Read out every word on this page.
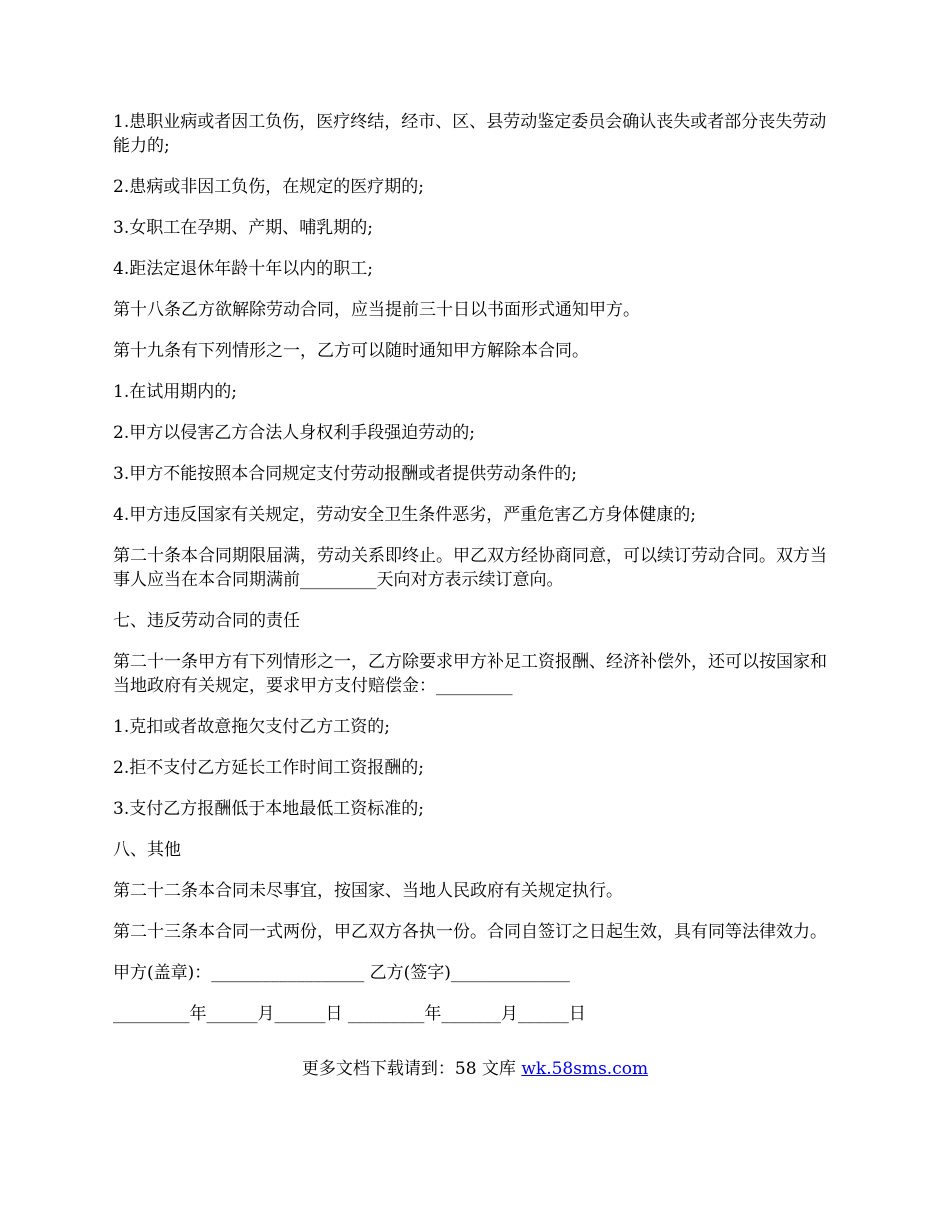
1.患职业病或者因工负伤，医疗终结，经市、区、县劳动鉴定委员会确认丧失或者部分丧失劳动能力的;

2.患病或非因工负伤，在规定的医疗期的;

3.女职工在孕期、产期、哺乳期的;

4.距法定退休年龄十年以内的职工;

第十八条乙方欲解除劳动合同，应当提前三十日以书面形式通知甲方。

第十九条有下列情形之一，乙方可以随时通知甲方解除本合同。

1.在试用期内的;

2.甲方以侵害乙方合法人身权利手段强迫劳动的;

3.甲方不能按照本合同规定支付劳动报酬或者提供劳动条件的;

4.甲方违反国家有关规定，劳动安全卫生条件恶劣，严重危害乙方身体健康的;

第二十条本合同期限届满，劳动关系即终止。甲乙双方经协商同意，可以续订劳动合同。双方当事人应当在本合同期满前_________天向对方表示续订意向。

七、违反劳动合同的责任

第二十一条甲方有下列情形之一，乙方除要求甲方补足工资报酬、经济补偿外，还可以按国家和当地政府有关规定，要求甲方支付赔偿金：_________

1.克扣或者故意拖欠支付乙方工资的;

2.拒不支付乙方延长工作时间工资报酬的;

3.支付乙方报酬低于本地最低工资标准的;

八、其他

第二十二条本合同未尽事宜，按国家、当地人民政府有关规定执行。

第二十三条本合同一式两份，甲乙双方各执一份。合同自签订之日起生效，具有同等法律效力。

甲方(盖章)：__________________ 乙方(签字)______________

_________年______月______日 _________年_______月______日

更多文档下载请到：58 文库 wk.58sms.com
